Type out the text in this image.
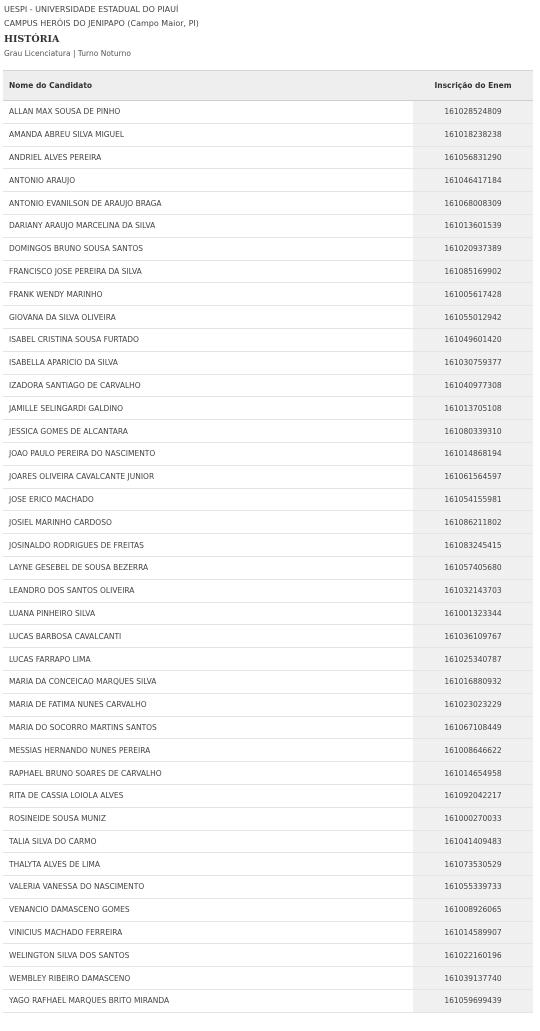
UESPI - UNIVERSIDADE ESTADUAL DO PIAUÍ
CAMPUS HERÓIS DO JENIPAPO (Campo Maior, PI)
HISTÓRIA
Grau Licenciatura | Turno Noturno
Nome do Candidato	Inscrição do Enem
ALLAN MAX SOUSA DE PINHO	161028524809
AMANDA ABREU SILVA MIGUEL	161018238238
ANDRIEL ALVES PEREIRA	161056831290
ANTONIO ARAUJO	161046417184
ANTONIO EVANILSON DE ARAUJO BRAGA	161068008309
DARIANY ARAUJO MARCELINA DA SILVA	161013601539
DOMINGOS BRUNO SOUSA SANTOS	161020937389
FRANCISCO JOSE PEREIRA DA SILVA	161085169902
FRANK WENDY MARINHO	161005617428
GIOVANA DA SILVA OLIVEIRA	161055012942
ISABEL CRISTINA SOUSA FURTADO	161049601420
ISABELLA APARICIO DA SILVA	161030759377
IZADORA SANTIAGO DE CARVALHO	161040977308
JAMILLE SELINGARDI GALDINO	161013705108
JESSICA GOMES DE ALCANTARA	161080339310
JOAO PAULO PEREIRA DO NASCIMENTO	161014868194
JOARES OLIVEIRA CAVALCANTE JUNIOR	161061564597
JOSE ERICO MACHADO	161054155981
JOSIEL MARINHO CARDOSO	161086211802
JOSINALDO RODRIGUES DE FREITAS	161083245415
LAYNE GESEBEL DE SOUSA BEZERRA	161057405680
LEANDRO DOS SANTOS OLIVEIRA	161032143703
LUANA PINHEIRO SILVA	161001323344
LUCAS BARBOSA CAVALCANTI	161036109767
LUCAS FARRAPO LIMA	161025340787
MARIA DA CONCEICAO MARQUES SILVA	161016880932
MARIA DE FATIMA NUNES CARVALHO	161023023229
MARIA DO SOCORRO MARTINS SANTOS	161067108449
MESSIAS HERNANDO NUNES PEREIRA	161008646622
RAPHAEL BRUNO SOARES DE CARVALHO	161014654958
RITA DE CASSIA LOIOLA ALVES	161092042217
ROSINEIDE SOUSA MUNIZ	161000270033
TALIA SILVA DO CARMO	161041409483
THALYTA ALVES DE LIMA	161073530529
VALERIA VANESSA DO NASCIMENTO	161055339733
VENANCIO DAMASCENO GOMES	161008926065
VINICIUS MACHADO FERREIRA	161014589907
WELINGTON SILVA DOS SANTOS	161022160196
WEMBLEY RIBEIRO DAMASCENO	161039137740
YAGO RAFHAEL MARQUES BRITO MIRANDA	161059699439
